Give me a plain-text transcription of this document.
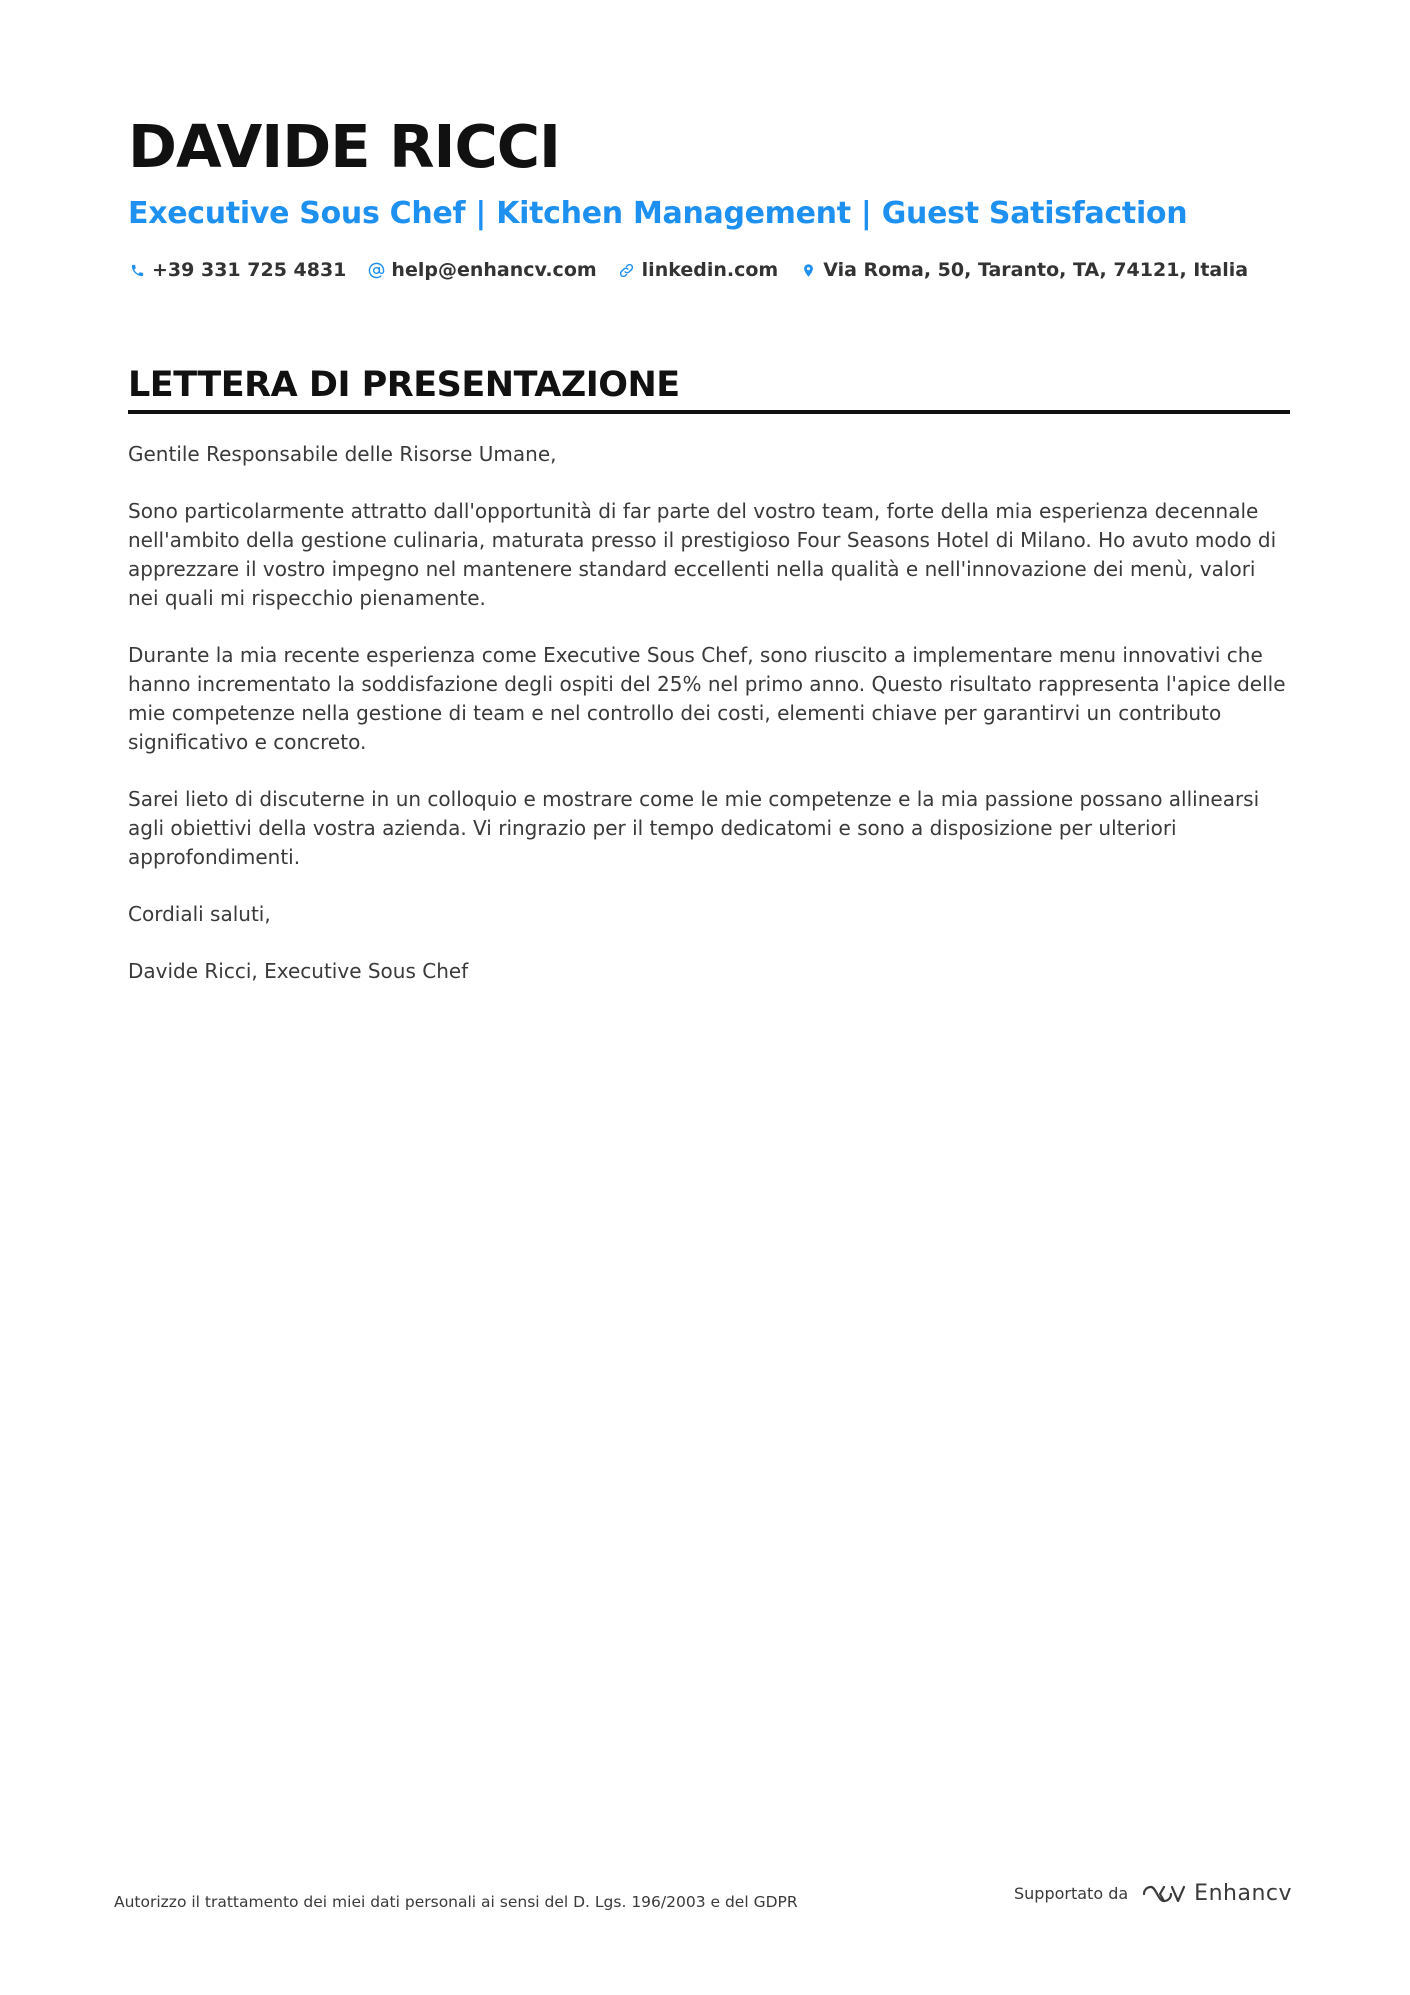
DAVIDE RICCI
Executive Sous Chef | Kitchen Management | Guest Satisfaction
+39 331 725 4831 help@enhancv.com linkedin.com Via Roma, 50, Taranto, TA, 74121, Italia
LETTERA DI PRESENTAZIONE

Gentile Responsabile delle Risorse Umane,

Sono particolarmente attratto dall'opportunità di far parte del vostro team, forte della mia esperienza decennale nell'ambito della gestione culinaria, maturata presso il prestigioso Four Seasons Hotel di Milano. Ho avuto modo di apprezzare il vostro impegno nel mantenere standard eccellenti nella qualità e nell'innovazione dei menù, valori nei quali mi rispecchio pienamente.

Durante la mia recente esperienza come Executive Sous Chef, sono riuscito a implementare menu innovativi che hanno incrementato la soddisfazione degli ospiti del 25% nel primo anno. Questo risultato rappresenta l'apice delle mie competenze nella gestione di team e nel controllo dei costi, elementi chiave per garantirvi un contributo significativo e concreto.

Sarei lieto di discuterne in un colloquio e mostrare come le mie competenze e la mia passione possano allinearsi agli obiettivi della vostra azienda. Vi ringrazio per il tempo dedicatomi e sono a disposizione per ulteriori approfondimenti.

Cordiali saluti,

Davide Ricci, Executive Sous Chef

Autorizzo il trattamento dei miei dati personali ai sensi del D. Lgs. 196/2003 e del GDPR	Supportato da	Enhancv
